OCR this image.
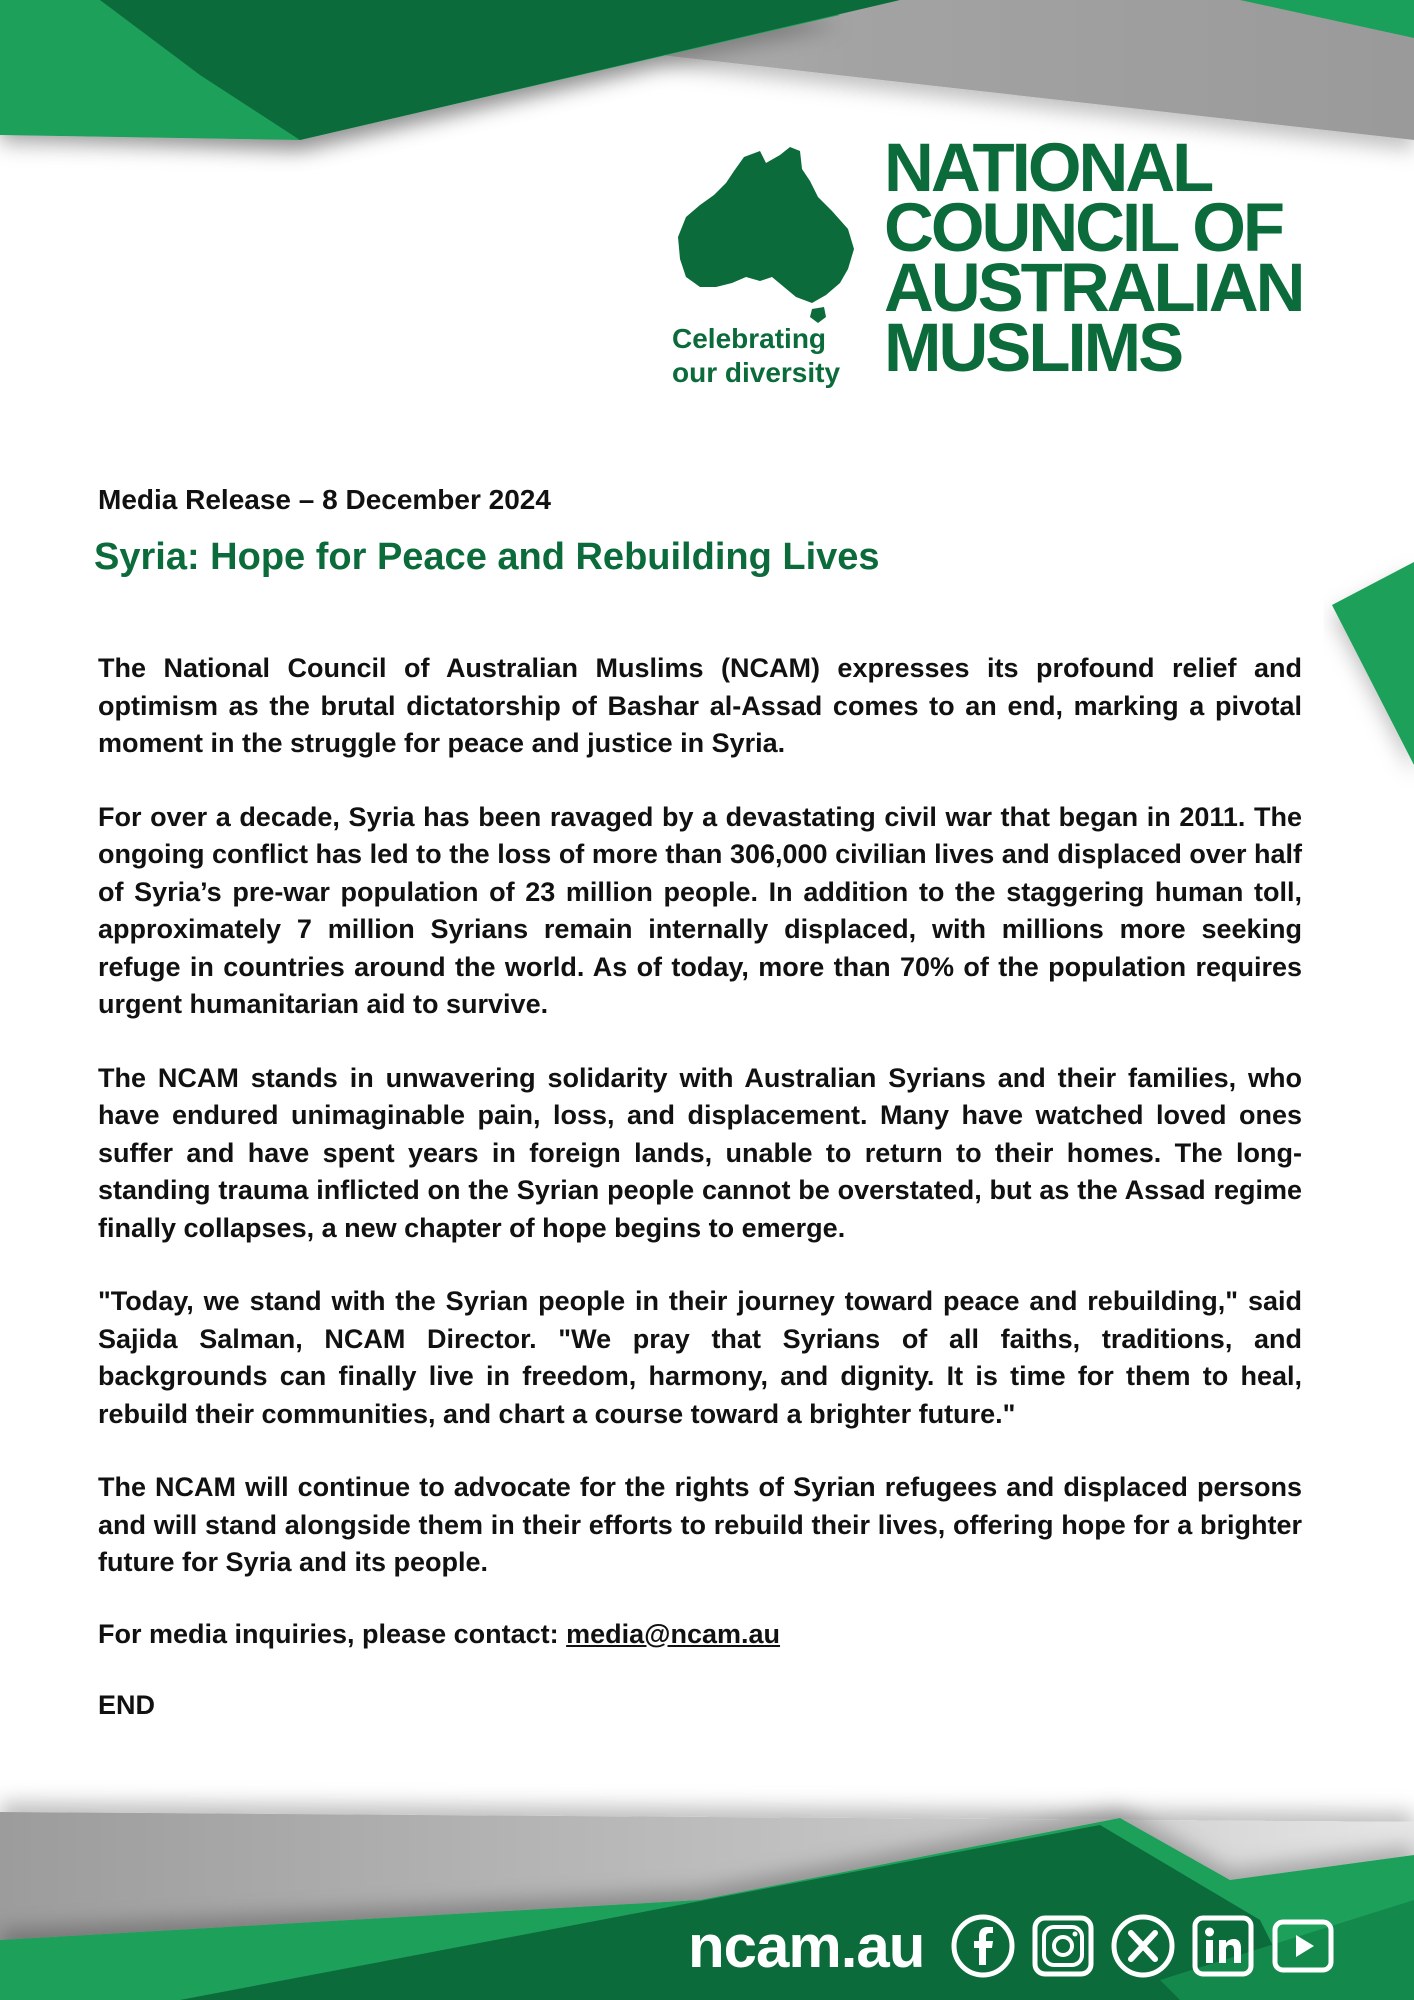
Celebrating our diversity
NATIONAL
COUNCIL OF
AUSTRALIAN
MUSLIMS
Media Release – 8 December 2024
Syria: Hope for Peace and Rebuilding Lives

The National Council of Australian Muslims (NCAM) expresses its profound relief and optimism as the brutal dictatorship of Bashar al-Assad comes to an end, marking a pivotal moment in the struggle for peace and justice in Syria.

For over a decade, Syria has been ravaged by a devastating civil war that began in 2011. The ongoing conflict has led to the loss of more than 306,000 civilian lives and displaced over half of Syria’s pre-war population of 23 million people. In addition to the staggering human toll, approximately 7 million Syrians remain internally displaced, with millions more seeking refuge in countries around the world. As of today, more than 70% of the population requires urgent humanitarian aid to survive.

The NCAM stands in unwavering solidarity with Australian Syrians and their families, who have endured unimaginable pain, loss, and displacement. Many have watched loved ones suffer and have spent years in foreign lands, unable to return to their homes. The long-standing trauma inflicted on the Syrian people cannot be overstated, but as the Assad regime finally collapses, a new chapter of hope begins to emerge.

"Today, we stand with the Syrian people in their journey toward peace and rebuilding," said Sajida Salman, NCAM Director. "We pray that Syrians of all faiths, traditions, and backgrounds can finally live in freedom, harmony, and dignity. It is time for them to heal, rebuild their communities, and chart a course toward a brighter future."

The NCAM will continue to advocate for the rights of Syrian refugees and displaced persons and will stand alongside them in their efforts to rebuild their lives, offering hope for a brighter future for Syria and its people.

For media inquiries, please contact: media@ncam.au
END
ncam.au
